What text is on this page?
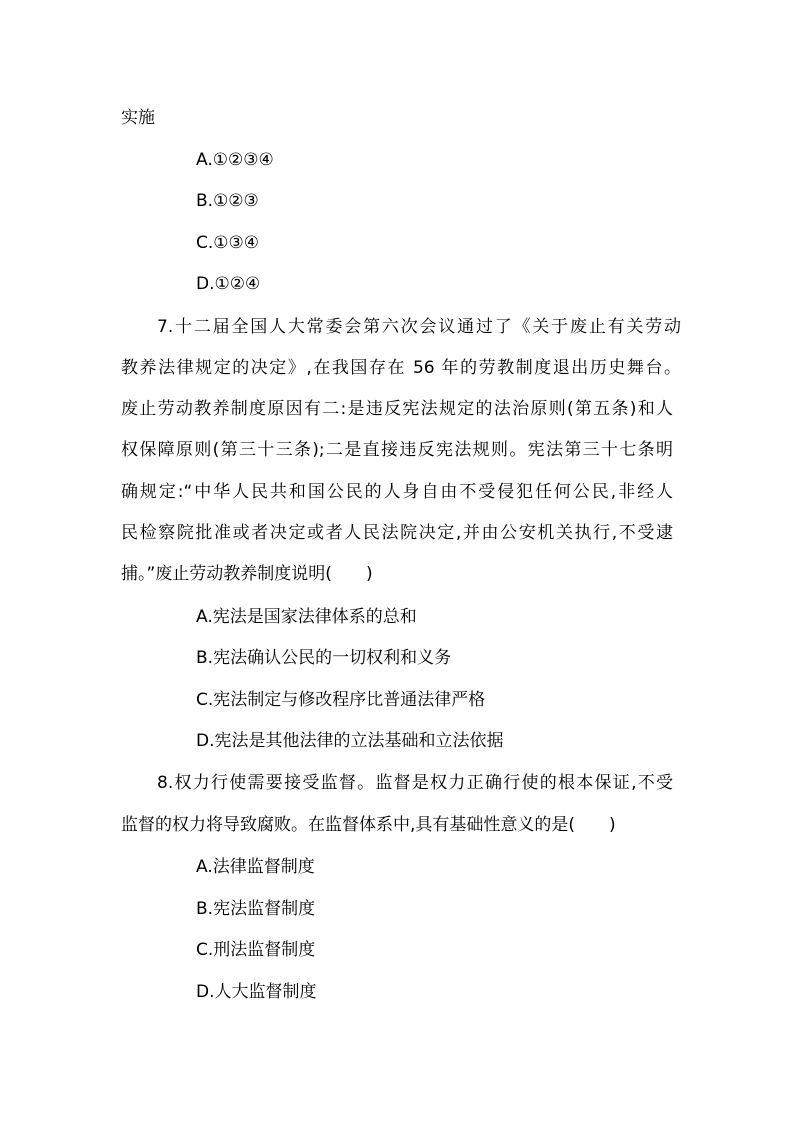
实施

A.①②③④

B.①②③

C.①③④

D.①②④

7.十二届全国人大常委会第六次会议通过了《关于废止有关劳动

教养法律规定的决定》,在我国存在 56 年的劳教制度退出历史舞台。

废止劳动教养制度原因有二:是违反宪法规定的法治原则(第五条)和人

权保障原则(第三十三条);二是直接违反宪法规则。宪法第三十七条明

确规定:“中华人民共和国公民的人身自由不受侵犯任何公民,非经人

民检察院批准或者决定或者人民法院决定,并由公安机关执行,不受逮

捕。”废止劳动教养制度说明(　　)

A.宪法是国家法律体系的总和

B.宪法确认公民的一切权利和义务

C.宪法制定与修改程序比普通法律严格

D.宪法是其他法律的立法基础和立法依据

8.权力行使需要接受监督。监督是权力正确行使的根本保证,不受

监督的权力将导致腐败。在监督体系中,具有基础性意义的是(　　)

A.法律监督制度

B.宪法监督制度

C.刑法监督制度

D.人大监督制度
